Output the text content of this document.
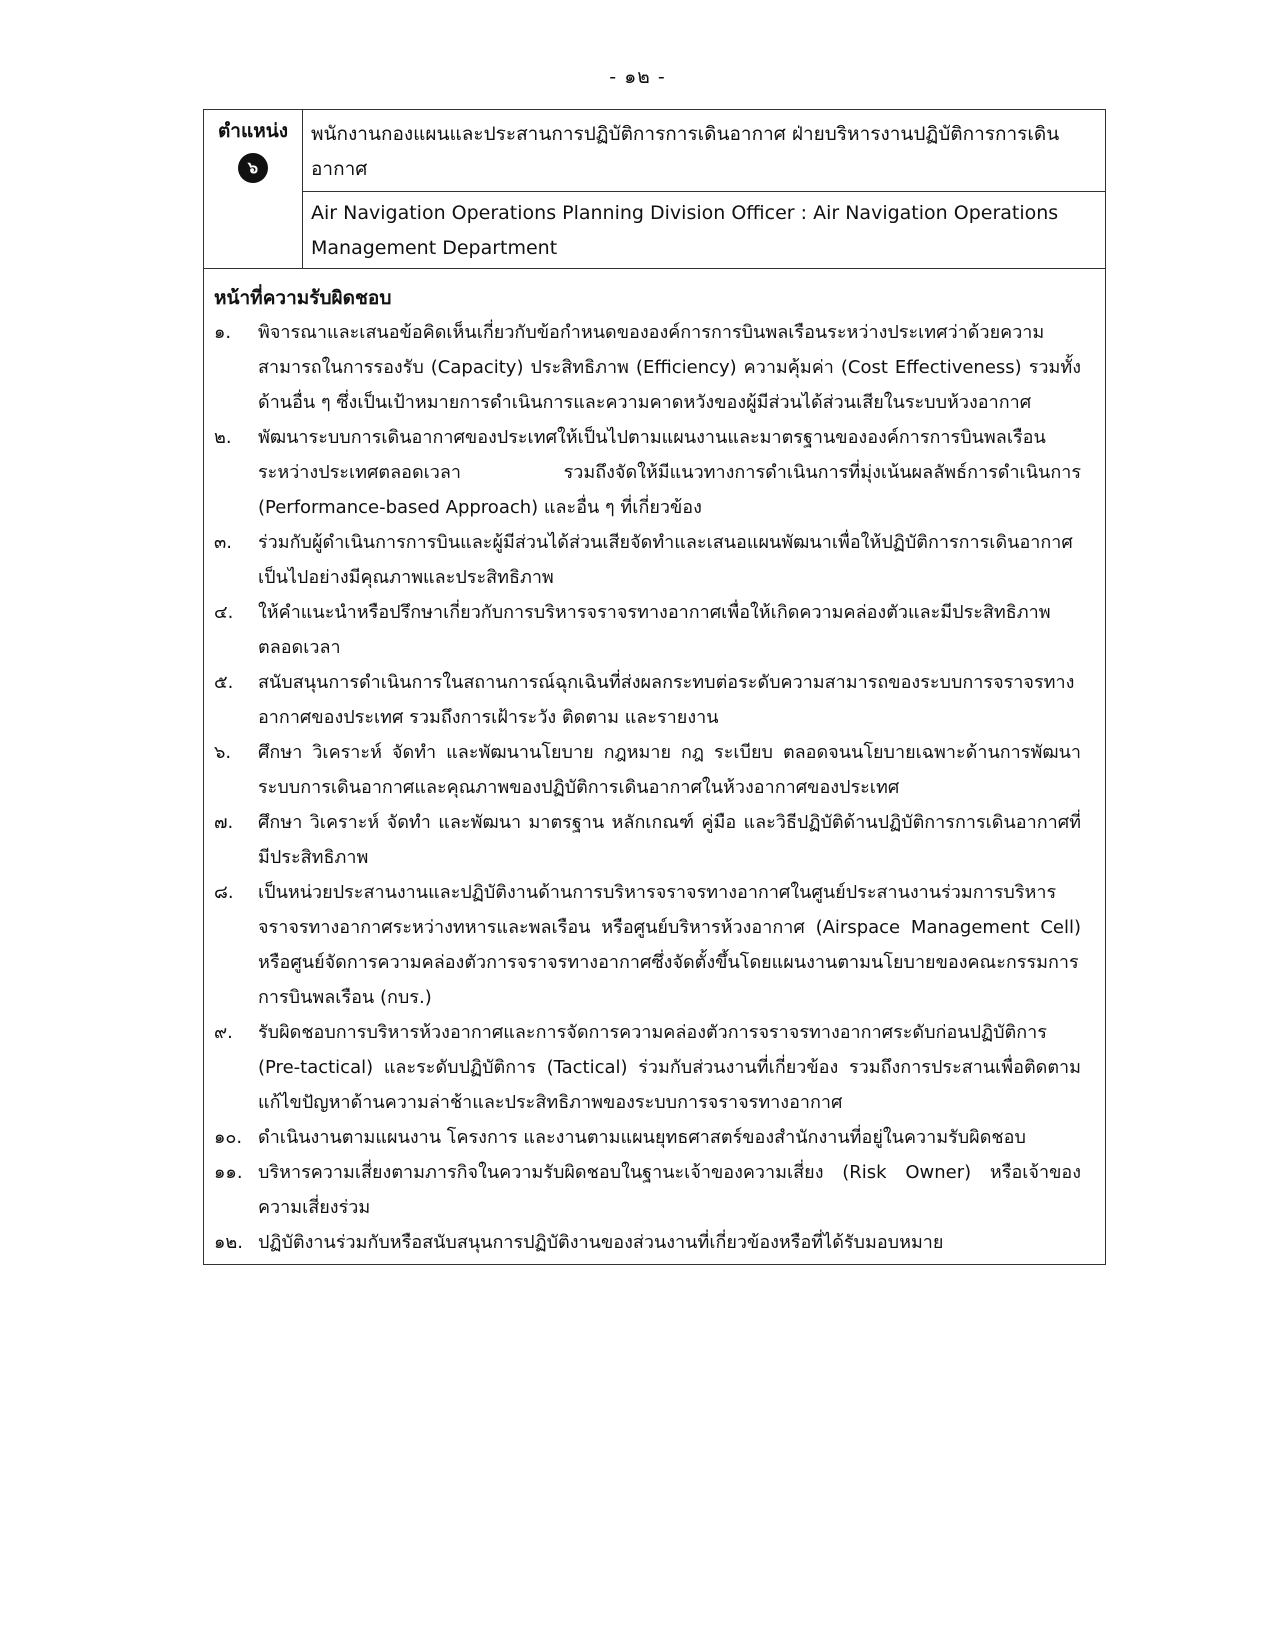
- ๑๒ -
ตำแหน่ง
๖
พนักงานกองแผนและประสานการปฏิบัติการการเดินอากาศ ฝ่ายบริหารงานปฏิบัติการการเดินอากาศ
Air Navigation Operations Planning Division Officer : Air Navigation Operations Management Department
หน้าที่ความรับผิดชอบ
๑.	พิจารณาและเสนอข้อคิดเห็นเกี่ยวกับข้อกำหนดขององค์การการบินพลเรือนระหว่างประเทศว่าด้วยความสามารถในการรองรับ (Capacity) ประสิทธิภาพ (Efficiency) ความคุ้มค่า (Cost Effectiveness) รวมทั้งด้านอื่น ๆ ซึ่งเป็นเป้าหมายการดำเนินการและความคาดหวังของผู้มีส่วนได้ส่วนเสียในระบบห้วงอากาศ
๒.	พัฒนาระบบการเดินอากาศของประเทศให้เป็นไปตามแผนงานและมาตรฐานขององค์การการบินพลเรือนระหว่างประเทศตลอดเวลา รวมถึงจัดให้มีแนวทางการดำเนินการที่มุ่งเน้นผลลัพธ์การดำเนินการ (Performance-based Approach) และอื่น ๆ ที่เกี่ยวข้อง
๓.	ร่วมกับผู้ดำเนินการการบินและผู้มีส่วนได้ส่วนเสียจัดทำและเสนอแผนพัฒนาเพื่อให้ปฏิบัติการการเดินอากาศเป็นไปอย่างมีคุณภาพและประสิทธิภาพ
๔.	ให้คำแนะนำหรือปรึกษาเกี่ยวกับการบริหารจราจรทางอากาศเพื่อให้เกิดความคล่องตัวและมีประสิทธิภาพตลอดเวลา
๕.	สนับสนุนการดำเนินการในสถานการณ์ฉุกเฉินที่ส่งผลกระทบต่อระดับความสามารถของระบบการจราจรทางอากาศของประเทศ รวมถึงการเฝ้าระวัง ติดตาม และรายงาน
๖.	ศึกษา วิเคราะห์ จัดทำ และพัฒนานโยบาย กฎหมาย กฎ ระเบียบ ตลอดจนนโยบายเฉพาะด้านการพัฒนาระบบการเดินอากาศและคุณภาพของปฏิบัติการเดินอากาศในห้วงอากาศของประเทศ
๗.	ศึกษา วิเคราะห์ จัดทำ และพัฒนา มาตรฐาน หลักเกณฑ์ คู่มือ และวิธีปฏิบัติด้านปฏิบัติการการเดินอากาศที่มีประสิทธิภาพ
๘.	เป็นหน่วยประสานงานและปฏิบัติงานด้านการบริหารจราจรทางอากาศในศูนย์ประสานงานร่วมการบริหารจราจรทางอากาศระหว่างทหารและพลเรือน หรือศูนย์บริหารห้วงอากาศ (Airspace Management Cell) หรือศูนย์จัดการความคล่องตัวการจราจรทางอากาศซึ่งจัดตั้งขึ้นโดยแผนงานตามนโยบายของคณะกรรมการการบินพลเรือน (กบร.)
๙.	รับผิดชอบการบริหารห้วงอากาศและการจัดการความคล่องตัวการจราจรทางอากาศระดับก่อนปฏิบัติการ (Pre-tactical) และระดับปฏิบัติการ (Tactical) ร่วมกับส่วนงานที่เกี่ยวข้อง รวมถึงการประสานเพื่อติดตามแก้ไขปัญหาด้านความล่าช้าและประสิทธิภาพของระบบการจราจรทางอากาศ
๑๐. ดำเนินงานตามแผนงาน โครงการ และงานตามแผนยุทธศาสตร์ของสำนักงานที่อยู่ในความรับผิดชอบ
๑๑. บริหารความเสี่ยงตามภารกิจในความรับผิดชอบในฐานะเจ้าของความเสี่ยง (Risk Owner) หรือเจ้าของความเสี่ยงร่วม
๑๒. ปฏิบัติงานร่วมกับหรือสนับสนุนการปฏิบัติงานของส่วนงานที่เกี่ยวข้องหรือที่ได้รับมอบหมาย
